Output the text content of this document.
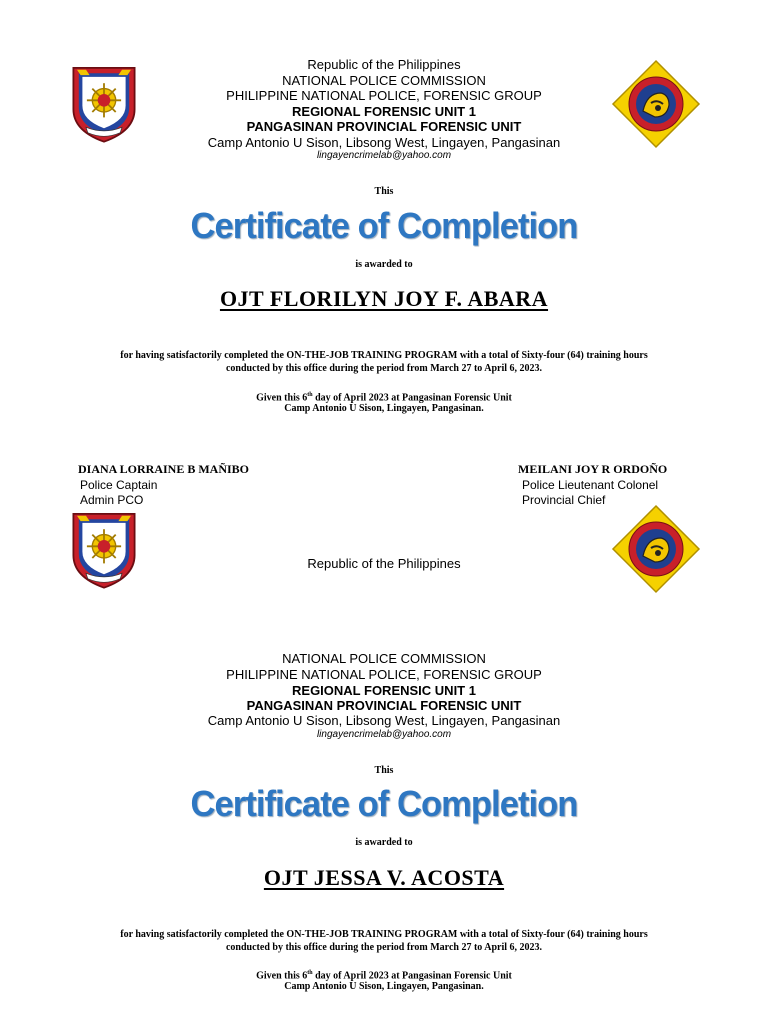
Republic of the Philippines
NATIONAL POLICE COMMISSION
PHILIPPINE NATIONAL POLICE, FORENSIC GROUP
REGIONAL FORENSIC UNIT 1
PANGASINAN PROVINCIAL FORENSIC UNIT
Camp Antonio U Sison, Libsong West, Lingayen, Pangasinan
lingayencrimelab@yahoo.com
This
Certificate of Completion
is awarded to
OJT FLORILYN JOY F. ABARA
for having satisfactorily completed the ON-THE-JOB TRAINING PROGRAM with a total of Sixty-four (64) training hours
conducted by this office during the period from March 27 to April 6, 2023.
Given this 6th day of April 2023 at Pangasinan Forensic Unit
Camp Antonio U Sison, Lingayen, Pangasinan.
DIANA LORRAINE B MAÑIBO
Police Captain
Admin PCO
MEILANI JOY R ORDOÑO
Police Lieutenant Colonel
Provincial Chief
Republic of the Philippines
NATIONAL POLICE COMMISSION
PHILIPPINE NATIONAL POLICE, FORENSIC GROUP
REGIONAL FORENSIC UNIT 1
PANGASINAN PROVINCIAL FORENSIC UNIT
Camp Antonio U Sison, Libsong West, Lingayen, Pangasinan
lingayencrimelab@yahoo.com
This
Certificate of Completion
is awarded to
OJT JESSA V. ACOSTA
for having satisfactorily completed the ON-THE-JOB TRAINING PROGRAM with a total of Sixty-four (64) training hours
conducted by this office during the period from March 27 to April 6, 2023.
Given this 6th day of April 2023 at Pangasinan Forensic Unit
Camp Antonio U Sison, Lingayen, Pangasinan.
